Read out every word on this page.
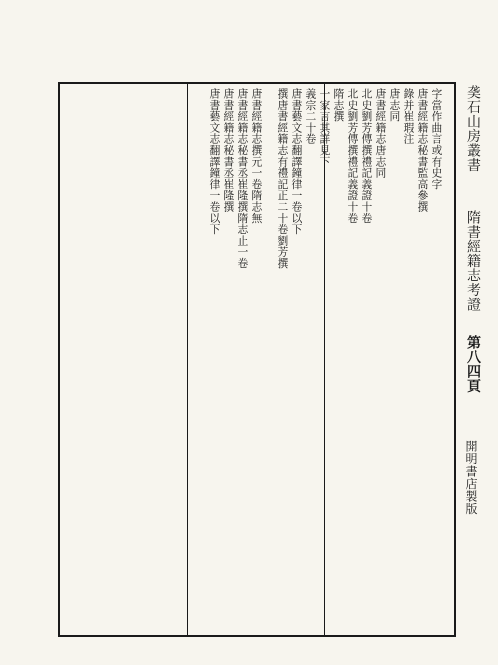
䶮石山房叢書
隋書經籍志考證
第八四頁
開明書店製版
字當作曲言或有史字
唐書經籍志秘書監高參撰
錄并崔瑕注
唐志同
唐書經籍志唐志同
北史劉芳傳撰禮記義證十卷
北史劉芳傳撰禮記義證十卷
隋志撰
一家言其詳見下
義宗二十卷
唐書藝文志翻譯鐘律一卷以下
撰唐書經籍志有禮記正二十卷劉芳撰
唐書經籍志撰元一卷隋志無
唐書經籍志秘書丞崔隆撰隋志止一卷
唐書經籍志秘書丞崔隆撰
唐書藝文志翻譯鐘律一卷以下
